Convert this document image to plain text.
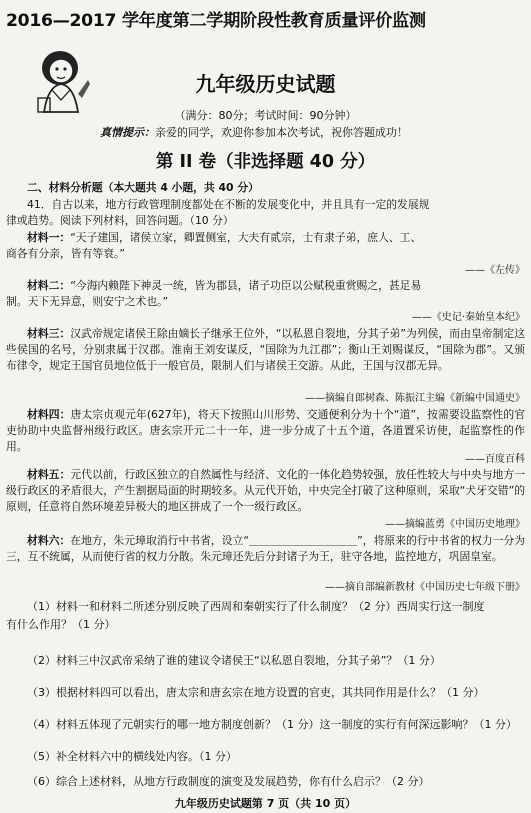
2016—2017 学年度第二学期阶段性教育质量评价监测
九年级历史试题
（满分：80分；考试时间：90分钟）
真情提示：亲爱的同学，欢迎你参加本次考试，祝你答题成功！
第 II 卷（非选择题 40 分）
二、材料分析题（本大题共 4 小题，共 40 分）
41．自古以来，地方行政管理制度都处在不断的发展变化中，并且具有一定的发展规
律或趋势。阅读下列材料，回答问题。（10 分）
材料一：“天子建国，诸侯立家，卿置侧室，大夫有贰宗，士有隶子弟，庶人、工、
商各有分亲，皆有等衰。”
——《左传》
材料二：“今海内赖陛下神灵一统，皆为郡县，诸子功臣以公赋税重赏赐之，甚足易
制。天下无异意，则安宁之术也。”
——《史记·秦始皇本纪》
材料三：汉武帝规定诸侯王除由嫡长子继承王位外，“以私恩自裂地，分其子弟”为列侯，而由皇帝制定这些侯国的名号，分别隶属于汉郡。淮南王刘安谋反，“国除为九江郡”；衡山王刘赐谋反，“国除为郡”。又颁布律令，规定王国官员地位低于一般官员，限制人们与诸侯王交游。从此，王国与汉郡无异。
——摘编自郎树森、陈振江主编《新编中国通史》
材料四：唐太宗贞观元年(627年)，将天下按照山川形势、交通便利分为十个“道”，按需要设监察性的官吏协助中央监督州级行政区。唐玄宗开元二十一年，进一步分成了十五个道，各道置采访使，起监察性的作用。
——百度百科
材料五：元代以前，行政区独立的自然属性与经济、文化的一体化趋势较强，放任性较大与中央与地方一级行政区的矛盾很大，产生割据局面的时期较多。从元代开始，中央完全打破了这种原则，采取“犬牙交错”的原则，任意将自然环境差异极大的地区拼成了一个一级行政区。
——摘编蓝勇《中国历史地理》
材料六：在地方，朱元璋取消行中书省，设立“＿＿＿＿＿＿＿＿＿＿”，将原来的行中书省的权力一分为三，互不统属，从而使行省的权力分散。朱元璋还先后分封诸子为王，驻守各地，监控地方，巩固皇室。
——摘自部编新教材《中国历史七年级下册》
（1）材料一和材料二所述分别反映了西周和秦朝实行了什么制度？（2 分）西周实行这一制度
有什么作用？（1 分）
（2）材料三中汉武帝采纳了谁的建议令诸侯王“以私恩自裂地，分其子弟”？（1 分）
（3）根据材料四可以看出，唐太宗和唐玄宗在地方设置的官吏，其共同作用是什么？（1 分）
（4）材料五体现了元朝实行的哪一地方制度创新？（1 分）这一制度的实行有何深远影响？（1 分）
（5）补全材料六中的横线处内容。（1 分）
（6）综合上述材料，从地方行政制度的演变及发展趋势，你有什么启示？（2 分）
九年级历史试题第 7 页（共 10 页）
